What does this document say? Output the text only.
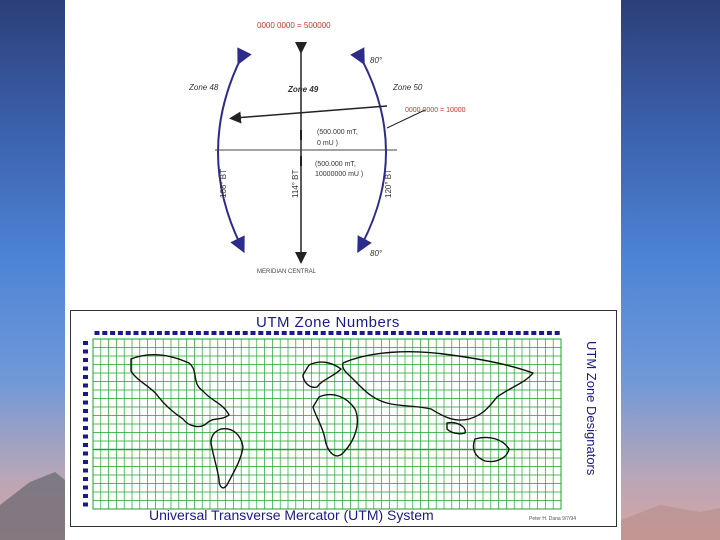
0000 0000 = 500000
80°
Zone 48	Zone 49	Zone 50
0000 0000 = 10000
(500.000 mT,
0 mU )
(500.000 mT,
10000000 mU )
108° BT	114° BT	120° BT
80°
MERIDIAN CENTRAL
UTM Zone Numbers
UTM Zone Designators
Universal Transverse Mercator (UTM) System	Peter H. Dana 9/7/94
